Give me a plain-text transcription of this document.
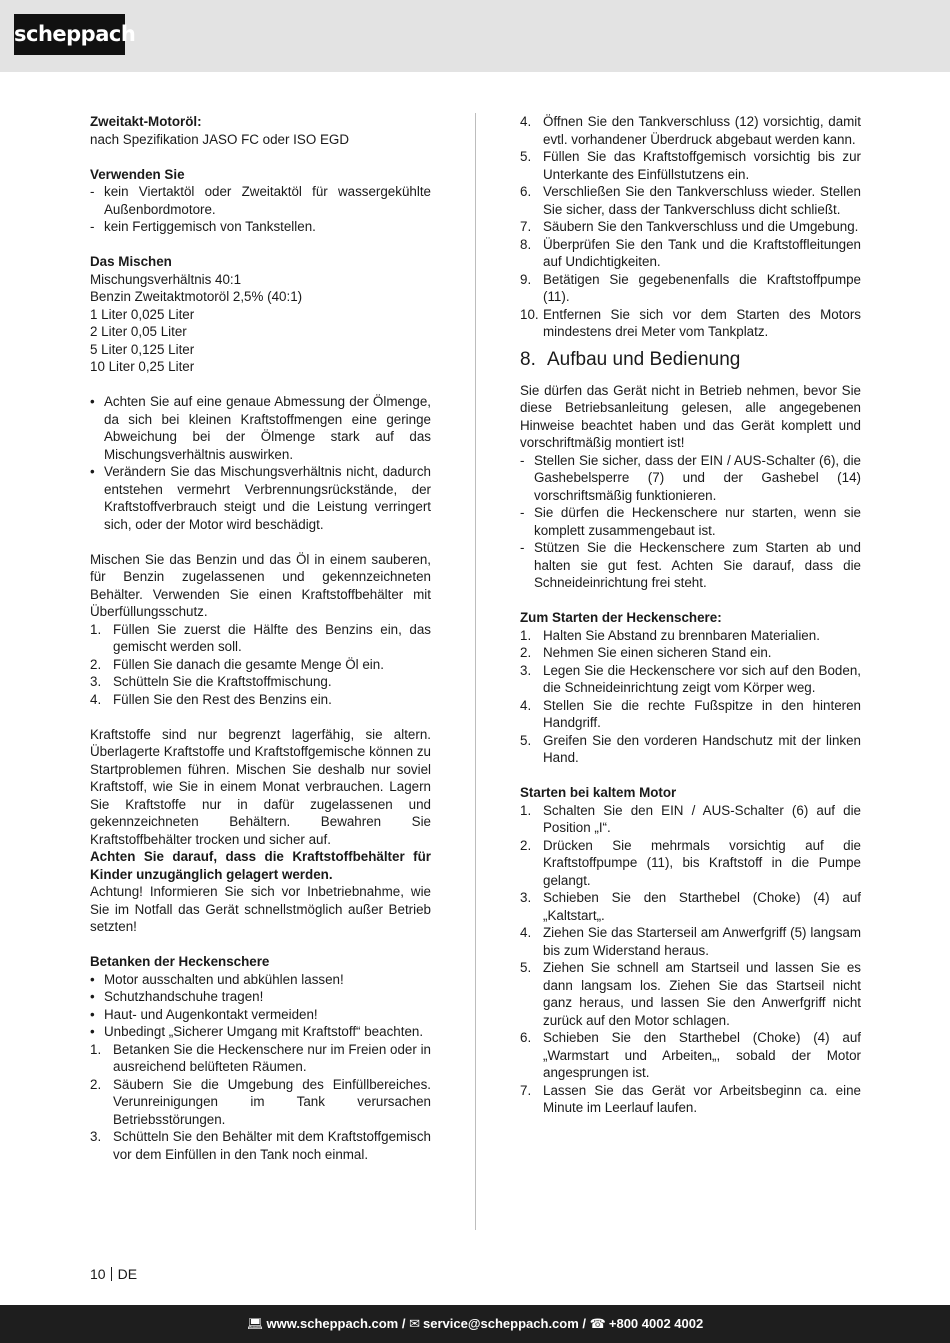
scheppach
Zweitakt-Motoröl:
nach Spezifikation JASO FC oder ISO EGD
Verwenden Sie
- kein Viertaktöl oder Zweitaktöl für wassergekühlte Außenbordmotore.
- kein Fertiggemisch von Tankstellen.
Das Mischen
Mischungsverhältnis 40:1
Benzin Zweitaktmotoröl 2,5% (40:1)
1 Liter 0,025 Liter
2 Liter 0,05 Liter
5 Liter 0,125 Liter
10 Liter 0,25 Liter
• Achten Sie auf eine genaue Abmessung der Ölmenge, da sich bei kleinen Kraftstoffmengen eine geringe Abweichung bei der Ölmenge stark auf das Mischungsverhältnis auswirken.
• Verändern Sie das Mischungsverhältnis nicht, dadurch entstehen vermehrt Verbrennungsrückstände, der Kraftstoffverbrauch steigt und die Leistung verringert sich, oder der Motor wird beschädigt.
Mischen Sie das Benzin und das Öl in einem sauberen, für Benzin zugelassenen und gekennzeichneten Behälter. Verwenden Sie einen Kraftstoffbehälter mit Überfüllungsschutz.
1. Füllen Sie zuerst die Hälfte des Benzins ein, das gemischt werden soll.
2. Füllen Sie danach die gesamte Menge Öl ein.
3. Schütteln Sie die Kraftstoffmischung.
4. Füllen Sie den Rest des Benzins ein.
Kraftstoffe sind nur begrenzt lagerfähig, sie altern. Überlagerte Kraftstoffe und Kraftstoffgemische können zu Startproblemen führen. Mischen Sie deshalb nur soviel Kraftstoff, wie Sie in einem Monat verbrauchen. Lagern Sie Kraftstoffe nur in dafür zugelassenen und gekennzeichneten Behältern. Bewahren Sie Kraftstoffbehälter trocken und sicher auf.
Achten Sie darauf, dass die Kraftstoffbehälter für Kinder unzugänglich gelagert werden.
Achtung! Informieren Sie sich vor Inbetriebnahme, wie Sie im Notfall das Gerät schnellstmöglich außer Betrieb setzten!
Betanken der Heckenschere
• Motor ausschalten und abkühlen lassen!
• Schutzhandschuhe tragen!
• Haut- und Augenkontakt vermeiden!
• Unbedingt „Sicherer Umgang mit Kraftstoff“ beachten.
1. Betanken Sie die Heckenschere nur im Freien oder in ausreichend belüfteten Räumen.
2. Säubern Sie die Umgebung des Einfüllbereiches. Verunreinigungen im Tank verursachen Betriebsstörungen.
3. Schütteln Sie den Behälter mit dem Kraftstoffgemisch vor dem Einfüllen in den Tank noch einmal.
4. Öffnen Sie den Tankverschluss (12) vorsichtig, damit evtl. vorhandener Überdruck abgebaut werden kann.
5. Füllen Sie das Kraftstoffgemisch vorsichtig bis zur Unterkante des Einfüllstutzens ein.
6. Verschließen Sie den Tankverschluss wieder. Stellen Sie sicher, dass der Tankverschluss dicht schließt.
7. Säubern Sie den Tankverschluss und die Umgebung.
8. Überprüfen Sie den Tank und die Kraftstoffleitungen auf Undichtigkeiten.
9. Betätigen Sie gegebenenfalls die Kraftstoffpumpe (11).
10. Entfernen Sie sich vor dem Starten des Motors mindestens drei Meter vom Tankplatz.
8. Aufbau und Bedienung
Sie dürfen das Gerät nicht in Betrieb nehmen, bevor Sie diese Betriebsanleitung gelesen, alle angegebenen Hinweise beachtet haben und das Gerät komplett und vorschriftmäßig montiert ist!
- Stellen Sie sicher, dass der EIN / AUS-Schalter (6), die Gashebelsperre (7) und der Gashebel (14) vorschriftsmäßig funktionieren.
- Sie dürfen die Heckenschere nur starten, wenn sie komplett zusammengebaut ist.
- Stützen Sie die Heckenschere zum Starten ab und halten sie gut fest. Achten Sie darauf, dass die Schneideinrichtung frei steht.
Zum Starten der Heckenschere:
1. Halten Sie Abstand zu brennbaren Materialien.
2. Nehmen Sie einen sicheren Stand ein.
3. Legen Sie die Heckenschere vor sich auf den Boden, die Schneideinrichtung zeigt vom Körper weg.
4. Stellen Sie die rechte Fußspitze in den hinteren Handgriff.
5. Greifen Sie den vorderen Handschutz mit der linken Hand.
Starten bei kaltem Motor
1. Schalten Sie den EIN / AUS-Schalter (6) auf die Position „I“.
2. Drücken Sie mehrmals vorsichtig auf die Kraftstoffpumpe (11), bis Kraftstoff in die Pumpe gelangt.
3. Schieben Sie den Starthebel (Choke) (4) auf „Kaltstart„.
4. Ziehen Sie das Starterseil am Anwerfgriff (5) langsam bis zum Widerstand heraus.
5. Ziehen Sie schnell am Startseil und lassen Sie es dann langsam los. Ziehen Sie das Startseil nicht ganz heraus, und lassen Sie den Anwerfgriff nicht zurück auf den Motor schlagen.
6. Schieben Sie den Starthebel (Choke) (4) auf „Warmstart und Arbeiten„, sobald der Motor angesprungen ist.
7. Lassen Sie das Gerät vor Arbeitsbeginn ca. eine Minute im Leerlauf laufen.
10 DE
💻︎ www.scheppach.com / ✉︎ service@scheppach.com / ☎︎ +800 4002 4002
